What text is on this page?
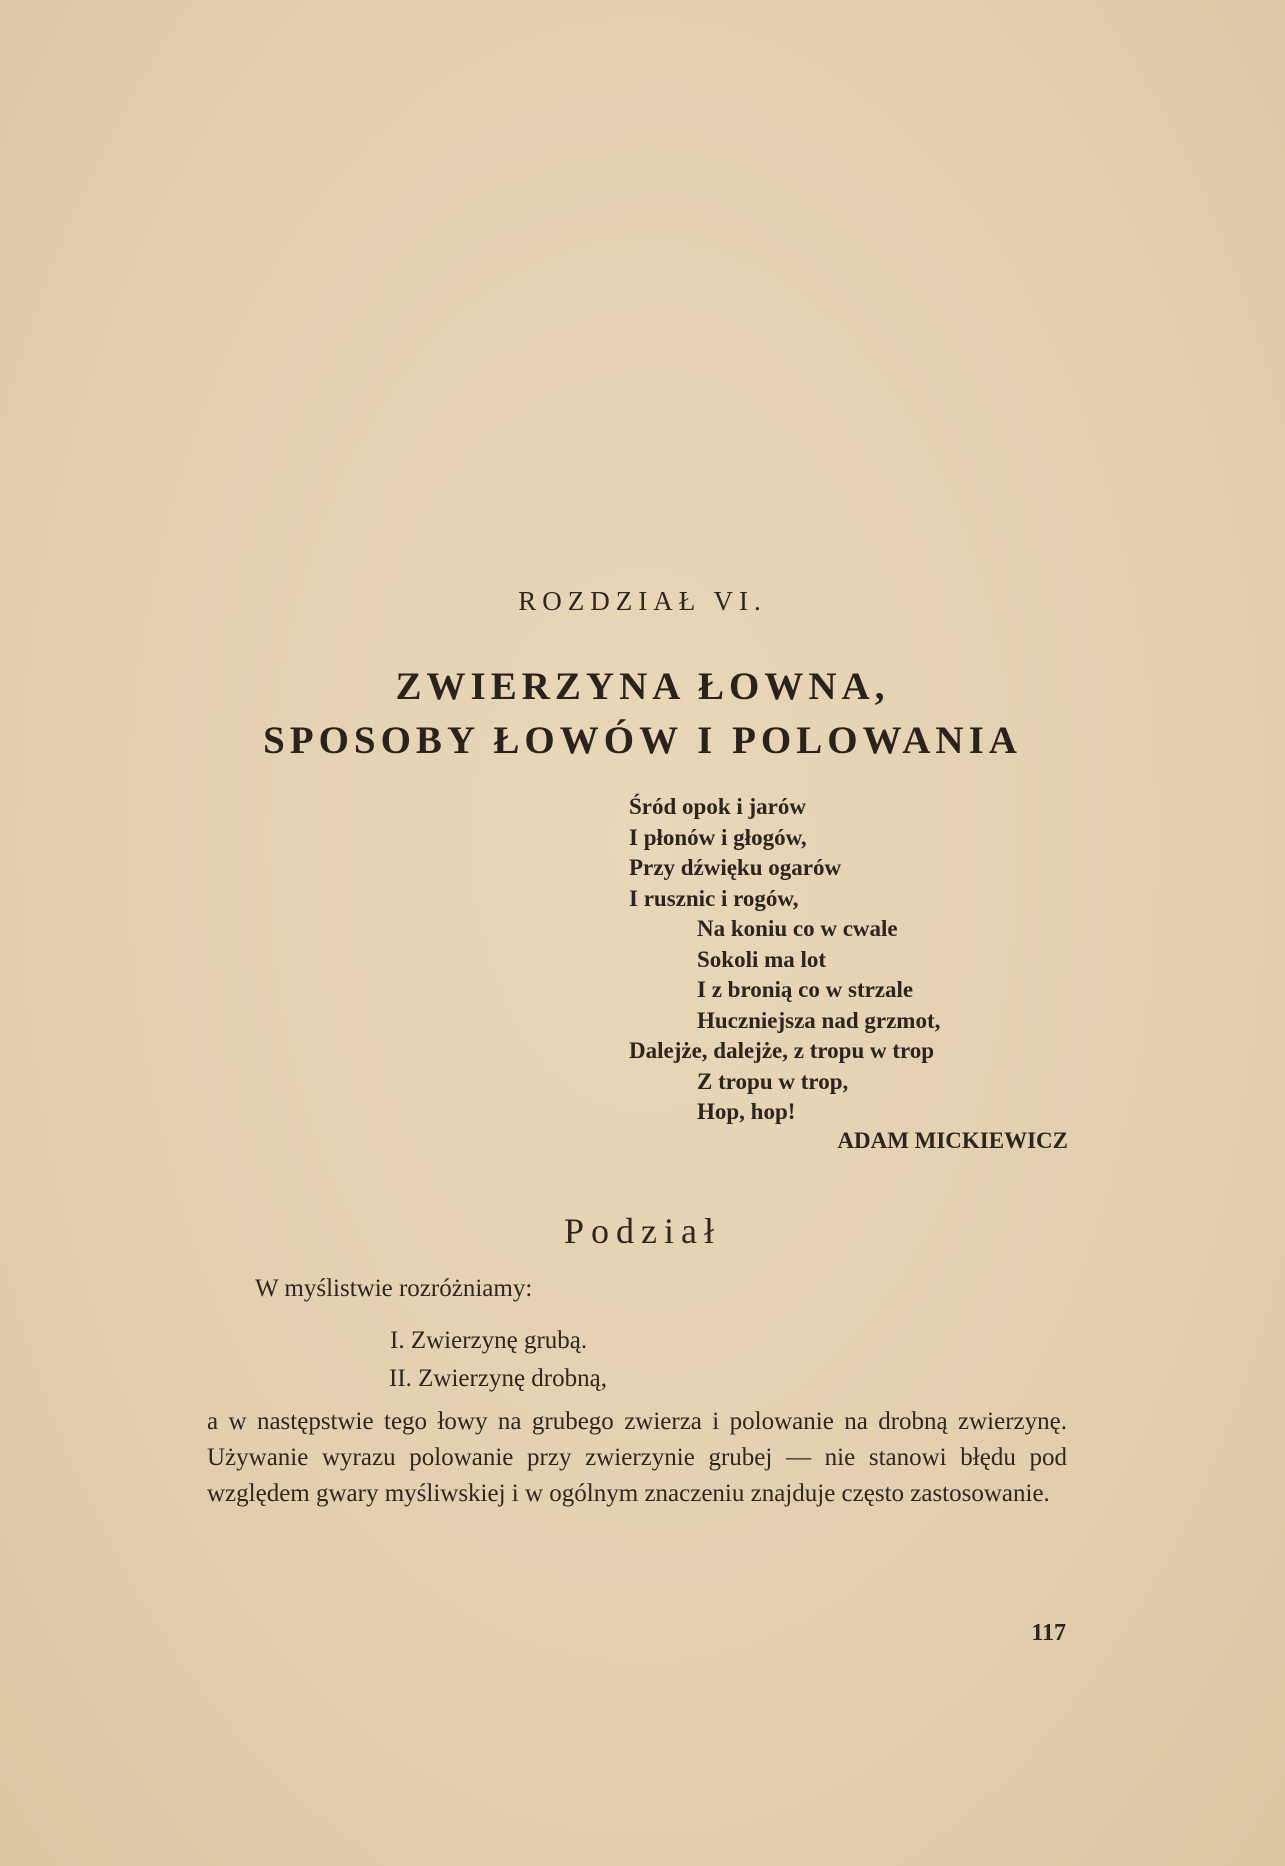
ROZDZIAŁ VI.
ZWIERZYNA ŁOWNA,
SPOSOBY ŁOWÓW I POLOWANIA
Śród opok i jarów
I płonów i głogów,
Przy dźwięku ogarów
I rusznic i rogów,
Na koniu co w cwale
Sokoli ma lot
I z bronią co w strzale
Huczniejsza nad grzmot,
Dalejże, dalejże, z tropu w trop
Z tropu w trop,
Hop, hop!
ADAM MICKIEWICZ
Podział
W myślistwie rozróżniamy:
I. Zwierzynę grubą.
II. Zwierzynę drobną,
a w następstwie tego łowy na grubego zwierza i polowanie na drobną zwierzynę. Używanie wyrazu polowanie przy zwierzynie grubej — nie stanowi błędu pod względem gwary myśliwskiej i w ogólnym znaczeniu znajduje często zastosowanie.
117
